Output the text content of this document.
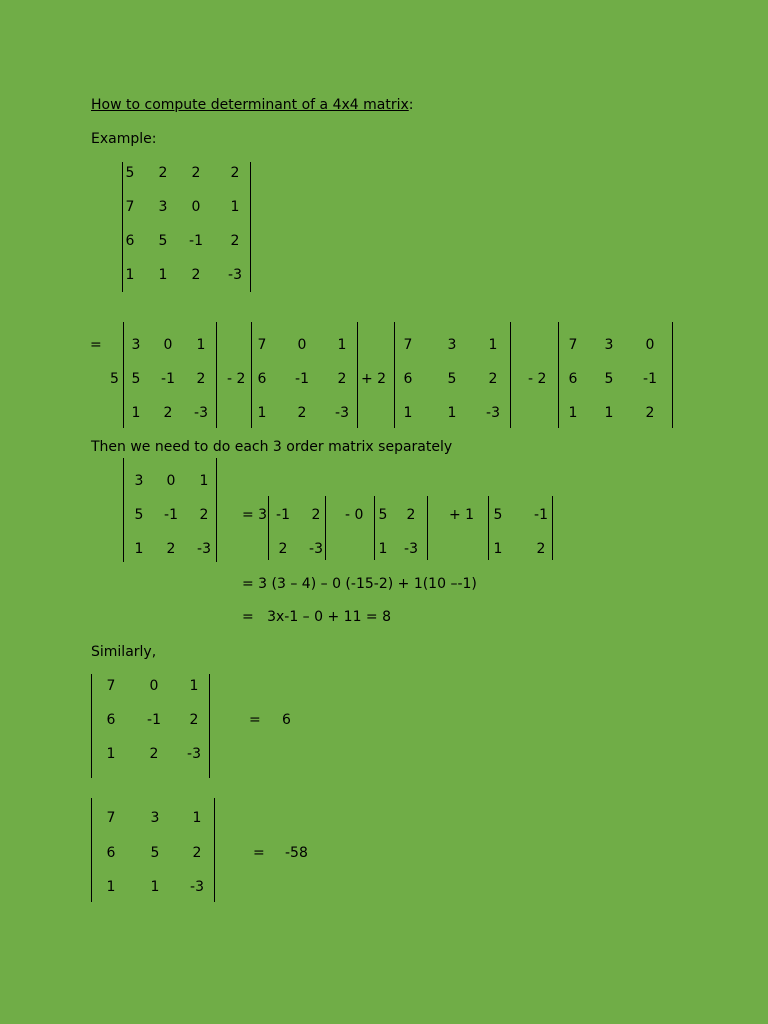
How to compute determinant of a 4x4 matrix:
Example:
5	2	2	2
7	3	0	1
6	5	-1	2
1	1	2	-3
=
5	- 2	+ 2	- 2
3	0	1
5	-1	2
1	2	-3
7	0	1
6	-1	2
1	2	-3
7	3	1
6	5	2
1	1	-3
7	3	0
6	5	-1
1	1	2
Then we need to do each 3 order matrix separately
= 3	- 0	+ 1
3	0	1
5	-1	2
1	2	-3
-1	2
2	-3
5	2
1	-3
5	-1
1	2
= 3 (3 – 4) – 0 (-15-2) + 1(10 –-1)
=   3x-1 – 0 + 11 = 8
Similarly,
= 6
7	0	1
6	-1	2
1	2	-3
= -58
7	3	1
6	5	2
1	1	-3
